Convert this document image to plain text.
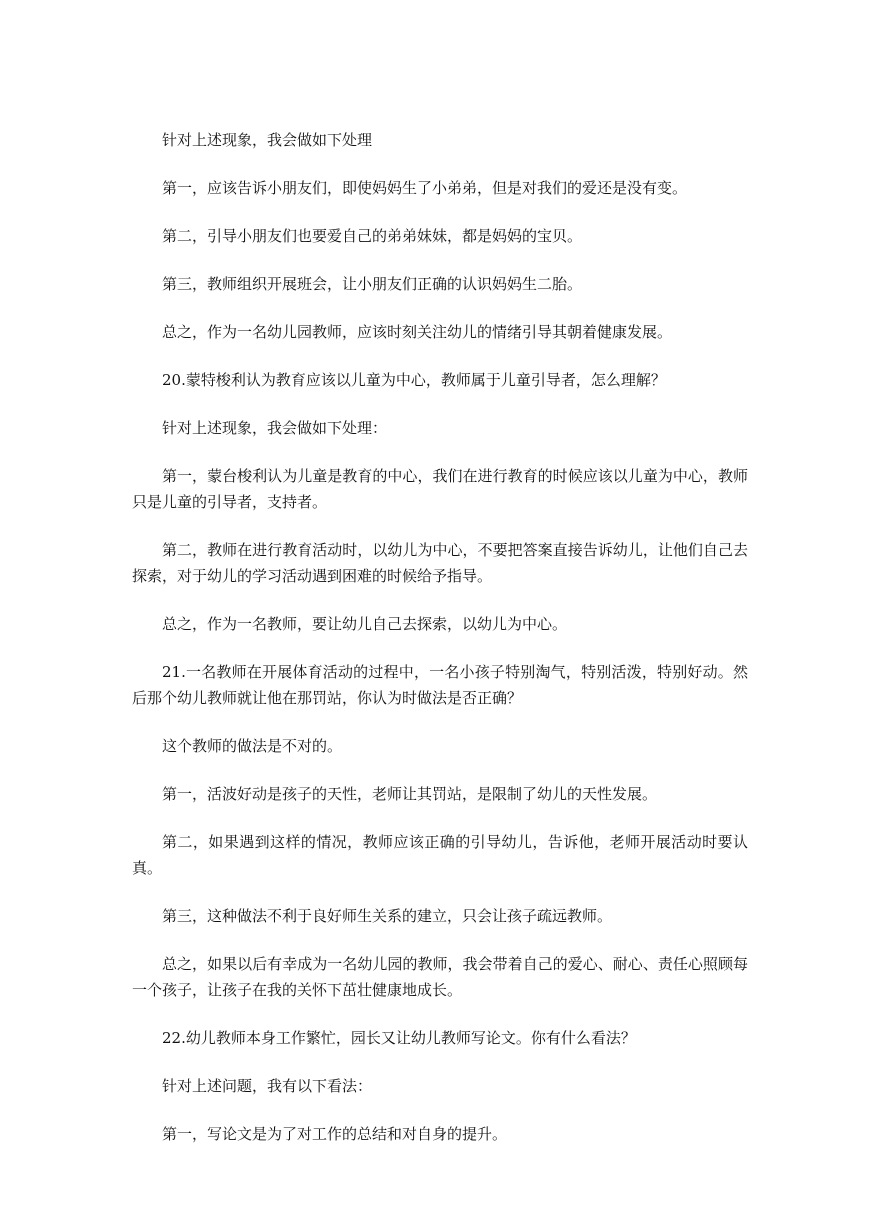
针对上述现象，我会做如下处理

第一，应该告诉小朋友们，即使妈妈生了小弟弟，但是对我们的爱还是没有变。

第二，引导小朋友们也要爱自己的弟弟妹妹，都是妈妈的宝贝。

第三，教师组织开展班会，让小朋友们正确的认识妈妈生二胎。

总之，作为一名幼儿园教师，应该时刻关注幼儿的情绪引导其朝着健康发展。

20.蒙特梭利认为教育应该以儿童为中心，教师属于儿童引导者，怎么理解？

针对上述现象，我会做如下处理：

第一，蒙台梭利认为儿童是教育的中心，我们在进行教育的时候应该以儿童为中心，教师只是儿童的引导者，支持者。

第二，教师在进行教育活动时，以幼儿为中心，不要把答案直接告诉幼儿，让他们自己去探索，对于幼儿的学习活动遇到困难的时候给予指导。

总之，作为一名教师，要让幼儿自己去探索，以幼儿为中心。

21.一名教师在开展体育活动的过程中，一名小孩子特别淘气，特别活泼，特别好动。然后那个幼儿教师就让他在那罚站，你认为时做法是否正确？

这个教师的做法是不对的。

第一，活波好动是孩子的天性，老师让其罚站，是限制了幼儿的天性发展。

第二，如果遇到这样的情况，教师应该正确的引导幼儿，告诉他，老师开展活动时要认真。

第三，这种做法不利于良好师生关系的建立，只会让孩子疏远教师。

总之，如果以后有幸成为一名幼儿园的教师，我会带着自己的爱心、耐心、责任心照顾每一个孩子，让孩子在我的关怀下茁壮健康地成长。

22.幼儿教师本身工作繁忙，园长又让幼儿教师写论文。你有什么看法？

针对上述问题，我有以下看法：

第一，写论文是为了对工作的总结和对自身的提升。
